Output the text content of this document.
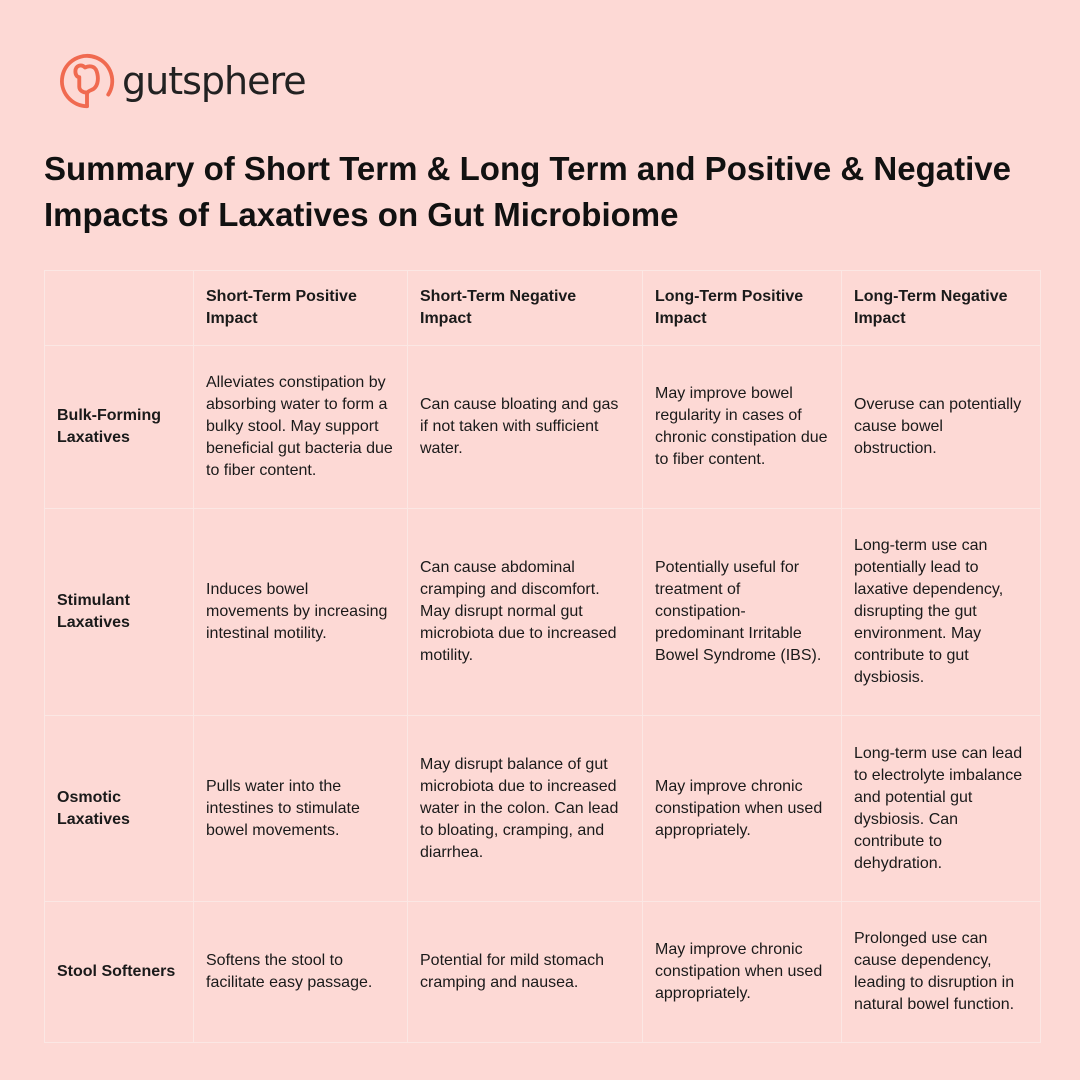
gutsphere
Summary of Short Term & Long Term and Positive & Negative Impacts of Laxatives on Gut Microbiome
	Short-Term Positive Impact	Short-Term Negative Impact	Long-Term Positive Impact	Long-Term Negative Impact
Bulk-Forming Laxatives	Alleviates constipation by absorbing water to form a bulky stool. May support beneficial gut bacteria due to fiber content.	Can cause bloating and gas if not taken with sufficient water.	May improve bowel regularity in cases of chronic constipation due to fiber content.	Overuse can potentially cause bowel obstruction.
Stimulant Laxatives	Induces bowel movements by increasing intestinal motility.	Can cause abdominal cramping and discomfort. May disrupt normal gut microbiota due to increased motility.	Potentially useful for treatment of constipation-predominant Irritable Bowel Syndrome (IBS).	Long-term use can potentially lead to laxative dependency, disrupting the gut environment. May contribute to gut dysbiosis.
Osmotic Laxatives	Pulls water into the intestines to stimulate bowel movements.	May disrupt balance of gut microbiota due to increased water in the colon. Can lead to bloating, cramping, and diarrhea.	May improve chronic constipation when used appropriately.	Long-term use can lead to electrolyte imbalance and potential gut dysbiosis. Can contribute to dehydration.
Stool Softeners	Softens the stool to facilitate easy passage.	Potential for mild stomach cramping and nausea.	May improve chronic constipation when used appropriately.	Prolonged use can cause dependency, leading to disruption in natural bowel function.
